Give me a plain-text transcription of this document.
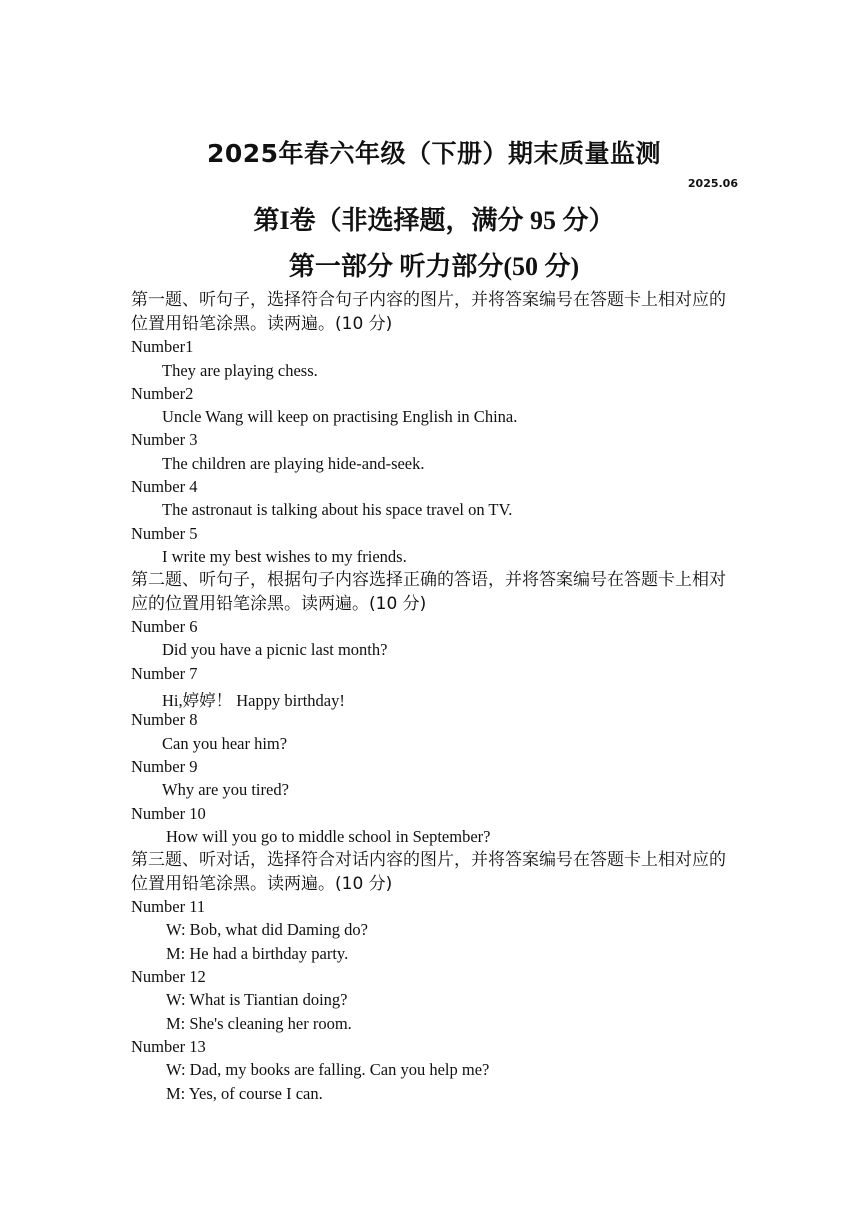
2025年春六年级（下册）期末质量监测
2025.06
第I卷（非选择题，满分 95 分）
第一部分 听力部分(50 分)
第一题、听句子，选择符合句子内容的图片，并将答案编号在答题卡上相对应的
位置用铅笔涂黑。读两遍。(10 分)
Number1
They are playing chess.
Number2
Uncle Wang will keep on practising English in China.
Number 3
The children are playing hide-and-seek.
Number 4
The astronaut is talking about his space travel on TV.
Number 5
I write my best wishes to my friends.
第二题、听句子，根据句子内容选择正确的答语，并将答案编号在答题卡上相对
应的位置用铅笔涂黑。读两遍。(10 分)
Number 6
Did you have a picnic last month?
Number 7
Hi,婷婷！ Happy birthday!
Number 8
Can you hear him?
Number 9
Why are you tired?
Number 10
How will you go to middle school in September?
第三题、听对话，选择符合对话内容的图片，并将答案编号在答题卡上相对应的
位置用铅笔涂黑。读两遍。(10 分)
Number 11
W: Bob, what did Daming do?
M: He had a birthday party.
Number 12
W: What is Tiantian doing?
M: She's cleaning her room.
Number 13
W: Dad, my books are falling. Can you help me?
M: Yes, of course I can.
